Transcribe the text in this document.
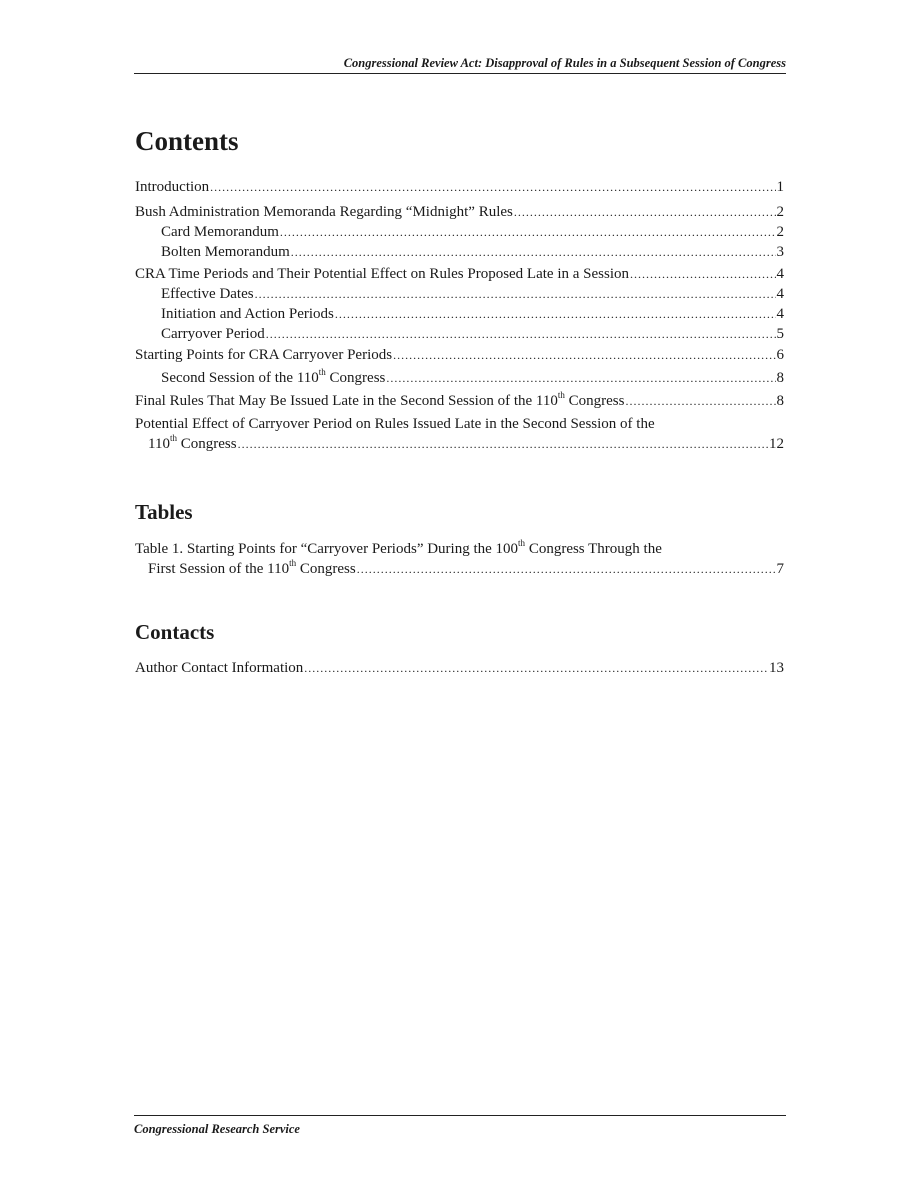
Congressional Review Act: Disapproval of Rules in a Subsequent Session of Congress
Contents
Introduction .....	1
Bush Administration Memoranda Regarding “Midnight” Rules .....	2
Card Memorandum .....	2
Bolten Memorandum .....	3
CRA Time Periods and Their Potential Effect on Rules Proposed Late in a Session .....	4
Effective Dates .....	4
Initiation and Action Periods .....	4
Carryover Period .....	5
Starting Points for CRA Carryover Periods .....	6
Second Session of the 110th Congress .....	8
Final Rules That May Be Issued Late in the Second Session of the 110th Congress .....	8
Potential Effect of Carryover Period on Rules Issued Late in the Second Session of the
110th Congress .....	12
Tables
Table 1. Starting Points for “Carryover Periods” During the 100th Congress Through the
First Session of the 110th Congress .....	7
Contacts
Author Contact Information .....	13
Congressional Research Service
